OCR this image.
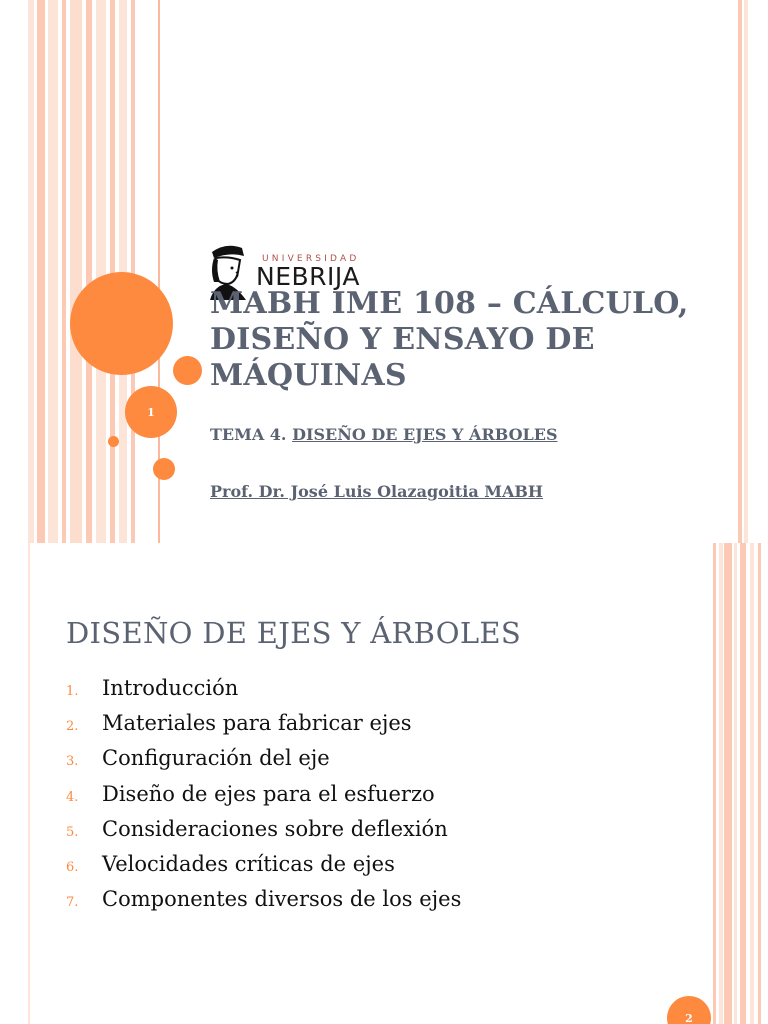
1
UNIVERSIDAD
NEBRIJA
MABH IME 108 – CÁLCULO,
DISEÑO Y ENSAYO DE
MÁQUINAS
TEMA 4. DISEÑO DE EJES Y ÁRBOLES
Prof. Dr. José Luis Olazagoitia MABH
2
DISEÑO DE EJES Y ÁRBOLES
1.	Introducción
2.	Materiales para fabricar ejes
3.	Configuración del eje
4.	Diseño de ejes para el esfuerzo
5.	Consideraciones sobre deflexión
6.	Velocidades críticas de ejes
7.	Componentes diversos de los ejes
